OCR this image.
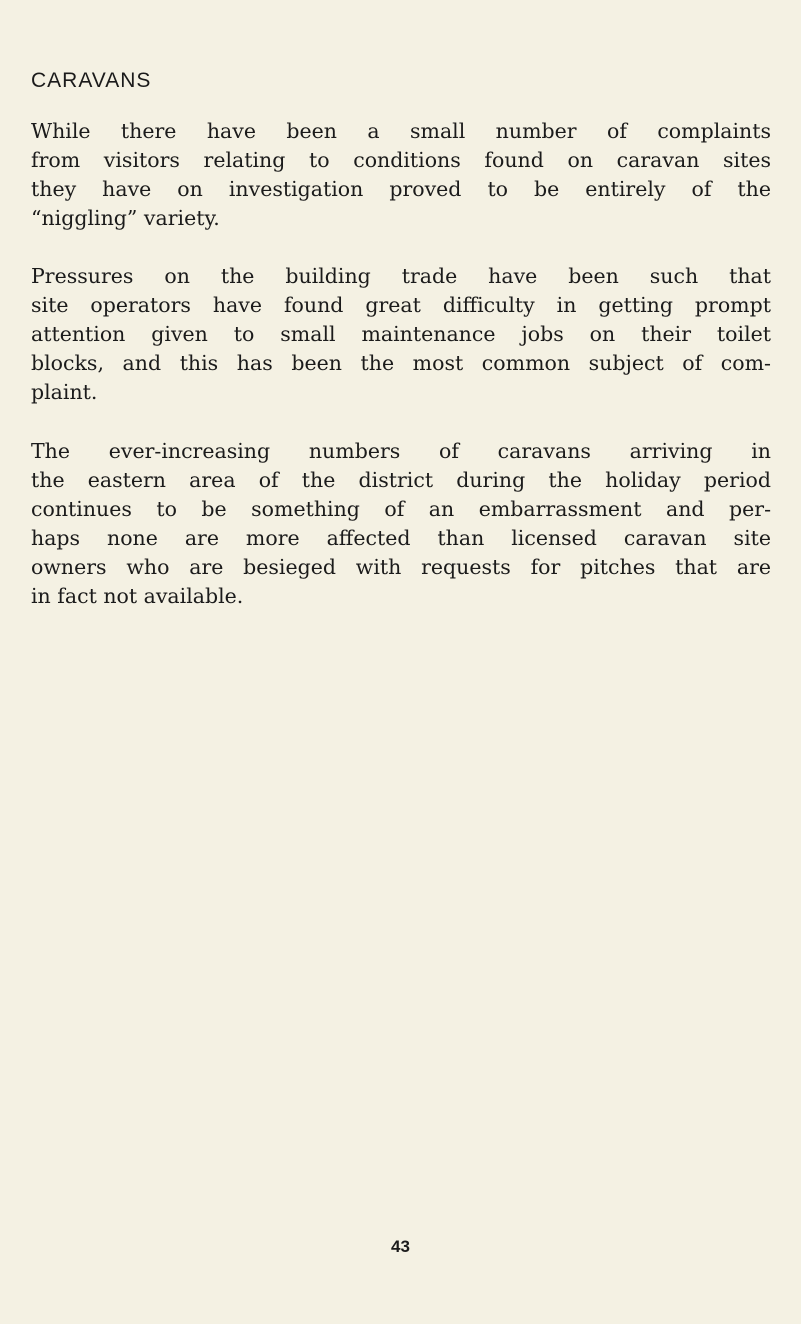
CARAVANS

While there have been a small number of complaints
from visitors relating to conditions found on caravan sites
they have on investigation proved to be entirely of the
“niggling” variety.

Pressures on the building trade have been such that
site operators have found great difficulty in getting prompt
attention given to small maintenance jobs on their toilet
blocks, and this has been the most common subject of com-
plaint.

The ever-increasing numbers of caravans arriving in
the eastern area of the district during the holiday period
continues to be something of an embarrassment and per-
haps none are more affected than licensed caravan site
owners who are besieged with requests for pitches that are
in fact not available.

43
